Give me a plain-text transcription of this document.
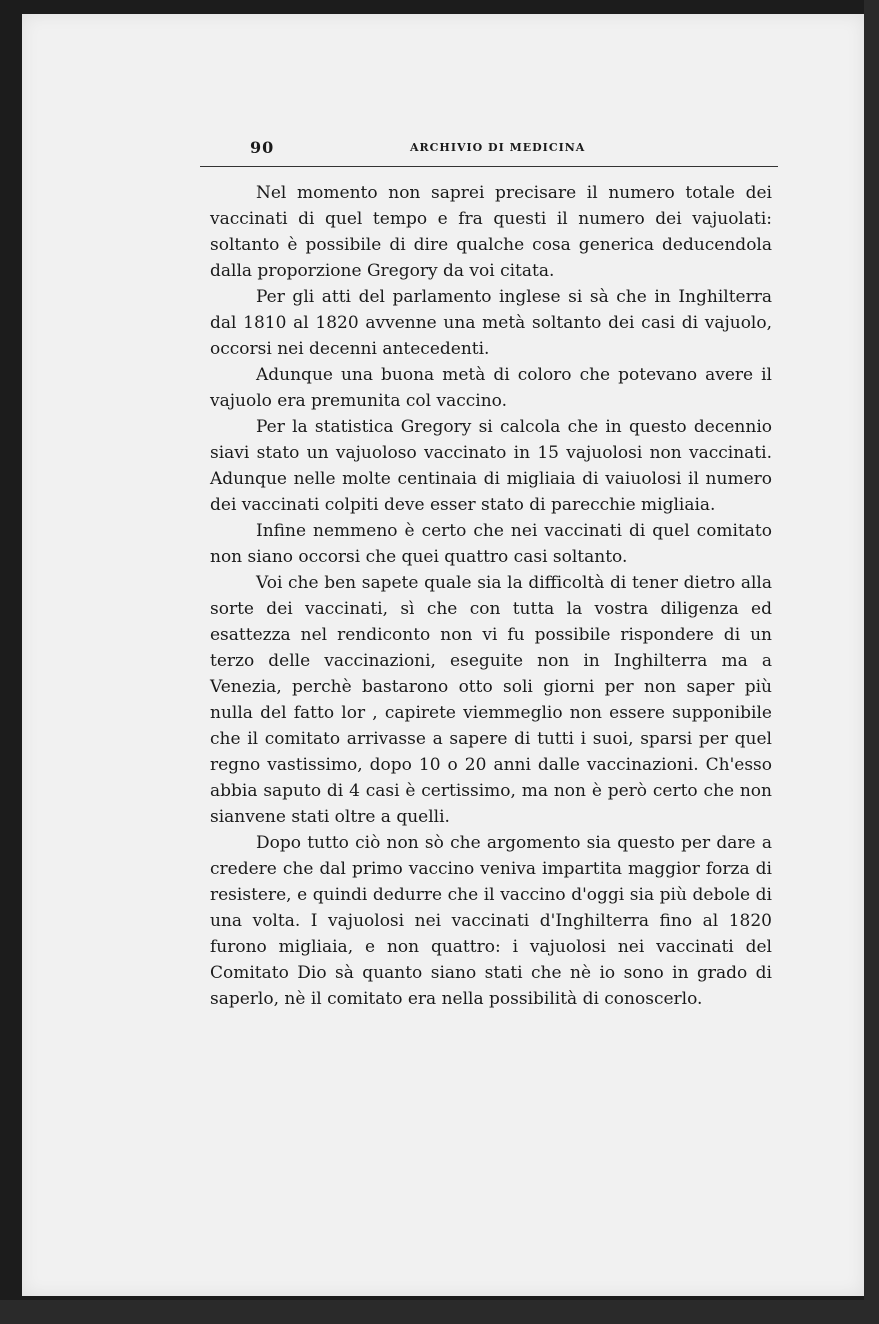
90	ARCHIVIO DI MEDICINA

Nel momento non saprei precisare il numero totale dei vaccinati di quel tempo e fra questi il numero dei vajuolati: soltanto è possibile di dire qualche cosa generica deducendola dalla proporzione Gregory da voi citata.

Per gli atti del parlamento inglese si sà che in Inghilterra dal 1810 al 1820 avvenne una metà soltanto dei casi di vajuolo, occorsi nei decenni antecedenti.

Adunque una buona metà di coloro che potevano avere il vajuolo era premunita col vaccino.

Per la statistica Gregory si calcola che in questo decennio siavi stato un vajuoloso vaccinato in 15 vajuolosi non vaccinati. Adunque nelle molte centinaia di migliaia di vaiuolosi il numero dei vaccinati colpiti deve esser stato di parecchie migliaia.

Infine nemmeno è certo che nei vaccinati di quel comitato non siano occorsi che quei quattro casi soltanto.

Voi che ben sapete quale sia la difficoltà di tener dietro alla sorte dei vaccinati, sì che con tutta la vostra diligenza ed esattezza nel rendiconto non vi fu possibile rispondere di un terzo delle vaccinazioni, eseguite non in Inghilterra ma a Venezia, perchè bastarono otto soli giorni per non saper più nulla del fatto lor , capirete viemmeglio non essere supponibile che il comitato arrivasse a sapere di tutti i suoi, sparsi per quel regno vastissimo, dopo 10 o 20 anni dalle vaccinazioni. Ch'esso abbia saputo di 4 casi è certissimo, ma non è però certo che non sianvene stati oltre a quelli.

Dopo tutto ciò non sò che argomento sia questo per dare a credere che dal primo vaccino veniva impartita maggior forza di resistere, e quindi dedurre che il vaccino d'oggi sia più debole di una volta. I vajuolosi nei vaccinati d'Inghilterra fino al 1820 furono migliaia, e non quattro: i vajuolosi nei vaccinati del Comitato Dio sà quanto siano stati che nè io sono in grado di saperlo, nè il comitato era nella possibilità di conoscerlo.
